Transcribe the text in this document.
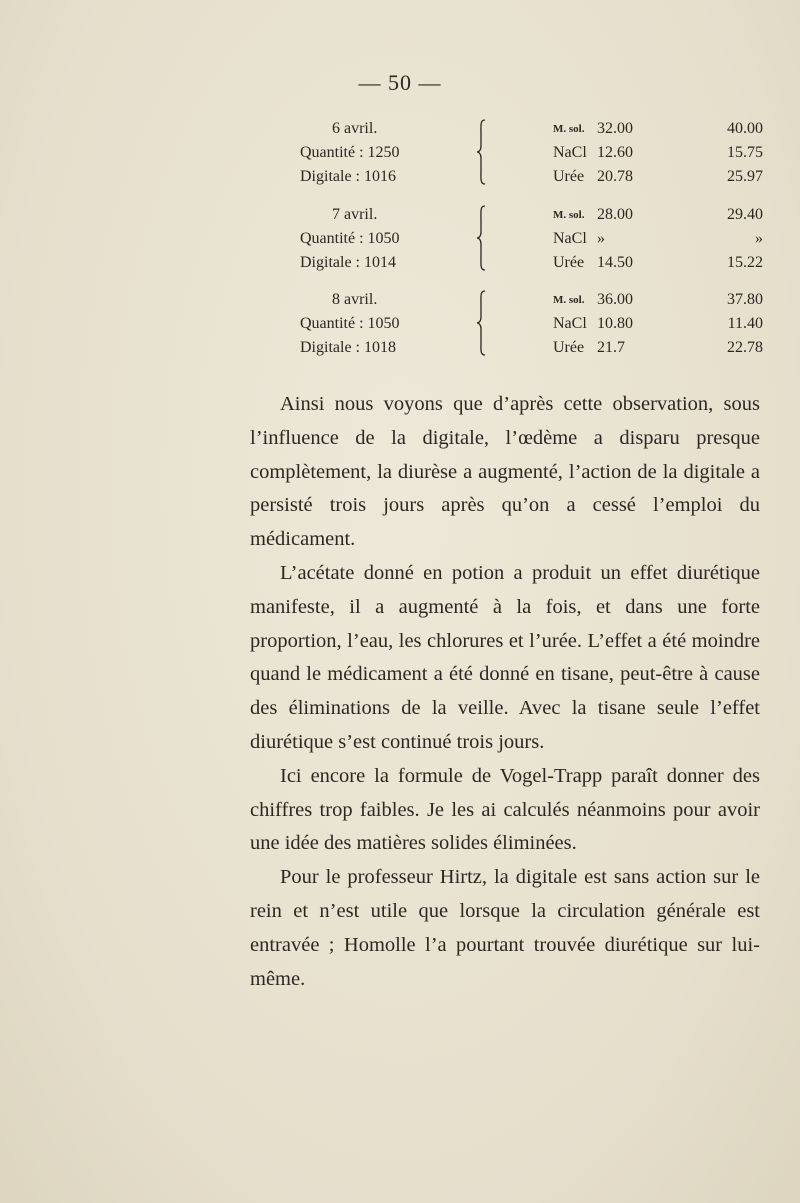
— 50 —
6 avril.
Quantité : 1250
Digitale : 1016
M. sol. 32.00	40.00
NaCl 12.60	15.75
Urée 20.78	25.97
7 avril.
Quantité : 1050
Digitale : 1014
M. sol. 28.00	29.40
NaCl »	»
Urée 14.50	15.22
8 avril.
Quantité : 1050
Digitale : 1018
M. sol. 36.00	37.80
NaCl 10.80	11.40
Urée 21.7	22.78

Ainsi nous voyons que d’après cette observation, sous l’influence de la digitale, l’œdème a disparu presque complètement, la diurèse a augmenté, l’action de la digitale a persisté trois jours après qu’on a cessé l’emploi du médicament.

L’acétate donné en potion a produit un effet diurétique manifeste, il a augmenté à la fois, et dans une forte proportion, l’eau, les chlorures et l’urée. L’effet a été moindre quand le médicament a été donné en tisane, peut-être à cause des éliminations de la veille. Avec la tisane seule l’effet diurétique s’est continué trois jours.

Ici encore la formule de Vogel-Trapp paraît donner des chiffres trop faibles. Je les ai calculés néanmoins pour avoir une idée des matières solides éliminées.

Pour le professeur Hirtz, la digitale est sans action sur le rein et n’est utile que lorsque la circulation générale est entravée ; Homolle l’a pourtant trouvée diurétique sur lui-même.
